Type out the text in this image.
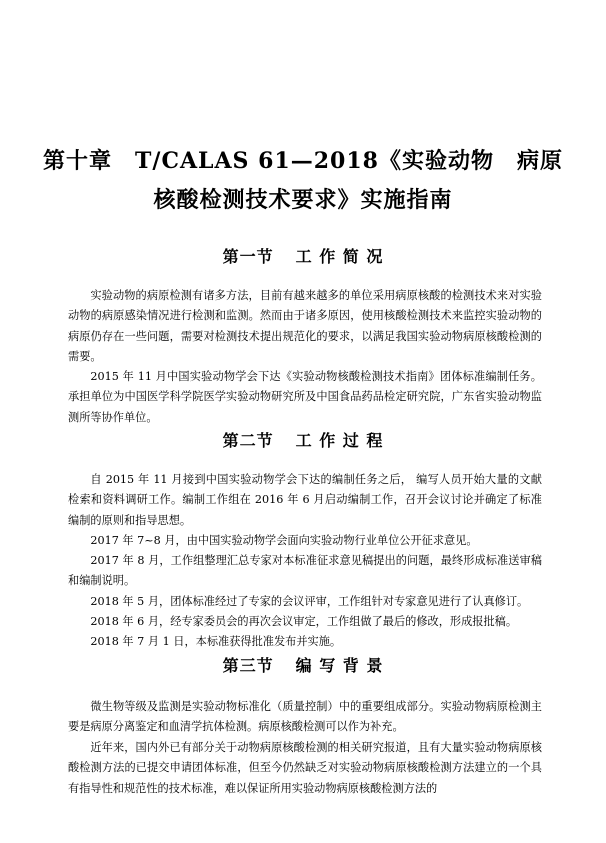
第十章　T/CALAS 61—2018《实验动物　病原
核酸检测技术要求》实施指南
第一节 工 作 简 况

实验动物的病原检测有诸多方法，目前有越来越多的单位采用病原核酸的检测技术来对实验动物的病原感染情况进行检测和监测。然而由于诸多原因，使用核酸检测技术来监控实验动物的病原仍存在一些问题，需要对检测技术提出规范化的要求，以满足我国实验动物病原核酸检测的需要。

2015 年 11 月中国实验动物学会下达《实验动物核酸检测技术指南》团体标准编制任务。承担单位为中国医学科学院医学实验动物研究所及中国食品药品检定研究院，广东省实验动物监测所等协作单位。

第二节 工 作 过 程

自 2015 年 11 月接到中国实验动物学会下达的编制任务之后， 编写人员开始大量的文献检索和资料调研工作。编制工作组在 2016 年 6 月启动编制工作，召开会议讨论并确定了标准编制的原则和指导思想。

2017 年 7~8 月，由中国实验动物学会面向实验动物行业单位公开征求意见。

2017 年 8 月，工作组整理汇总专家对本标准征求意见稿提出的问题，最终形成标准送审稿和编制说明。

2018 年 5 月，团体标准经过了专家的会议评审，工作组针对专家意见进行了认真修订。

2018 年 6 月，经专家委员会的再次会议审定，工作组做了最后的修改，形成报批稿。

2018 年 7 月 1 日，本标准获得批准发布并实施。

第三节 编 写 背 景

微生物等级及监测是实验动物标准化（质量控制）中的重要组成部分。实验动物病原检测主要是病原分离鉴定和血清学抗体检测。病原核酸检测可以作为补充。

近年来，国内外已有部分关于动物病原核酸检测的相关研究报道，且有大量实验动物病原核酸检测方法的已提交申请团体标准，但至今仍然缺乏对实验动物病原核酸检测方法建立的一个具有指导性和规范性的技术标准，难以保证所用实验动物病原核酸检测方法的
